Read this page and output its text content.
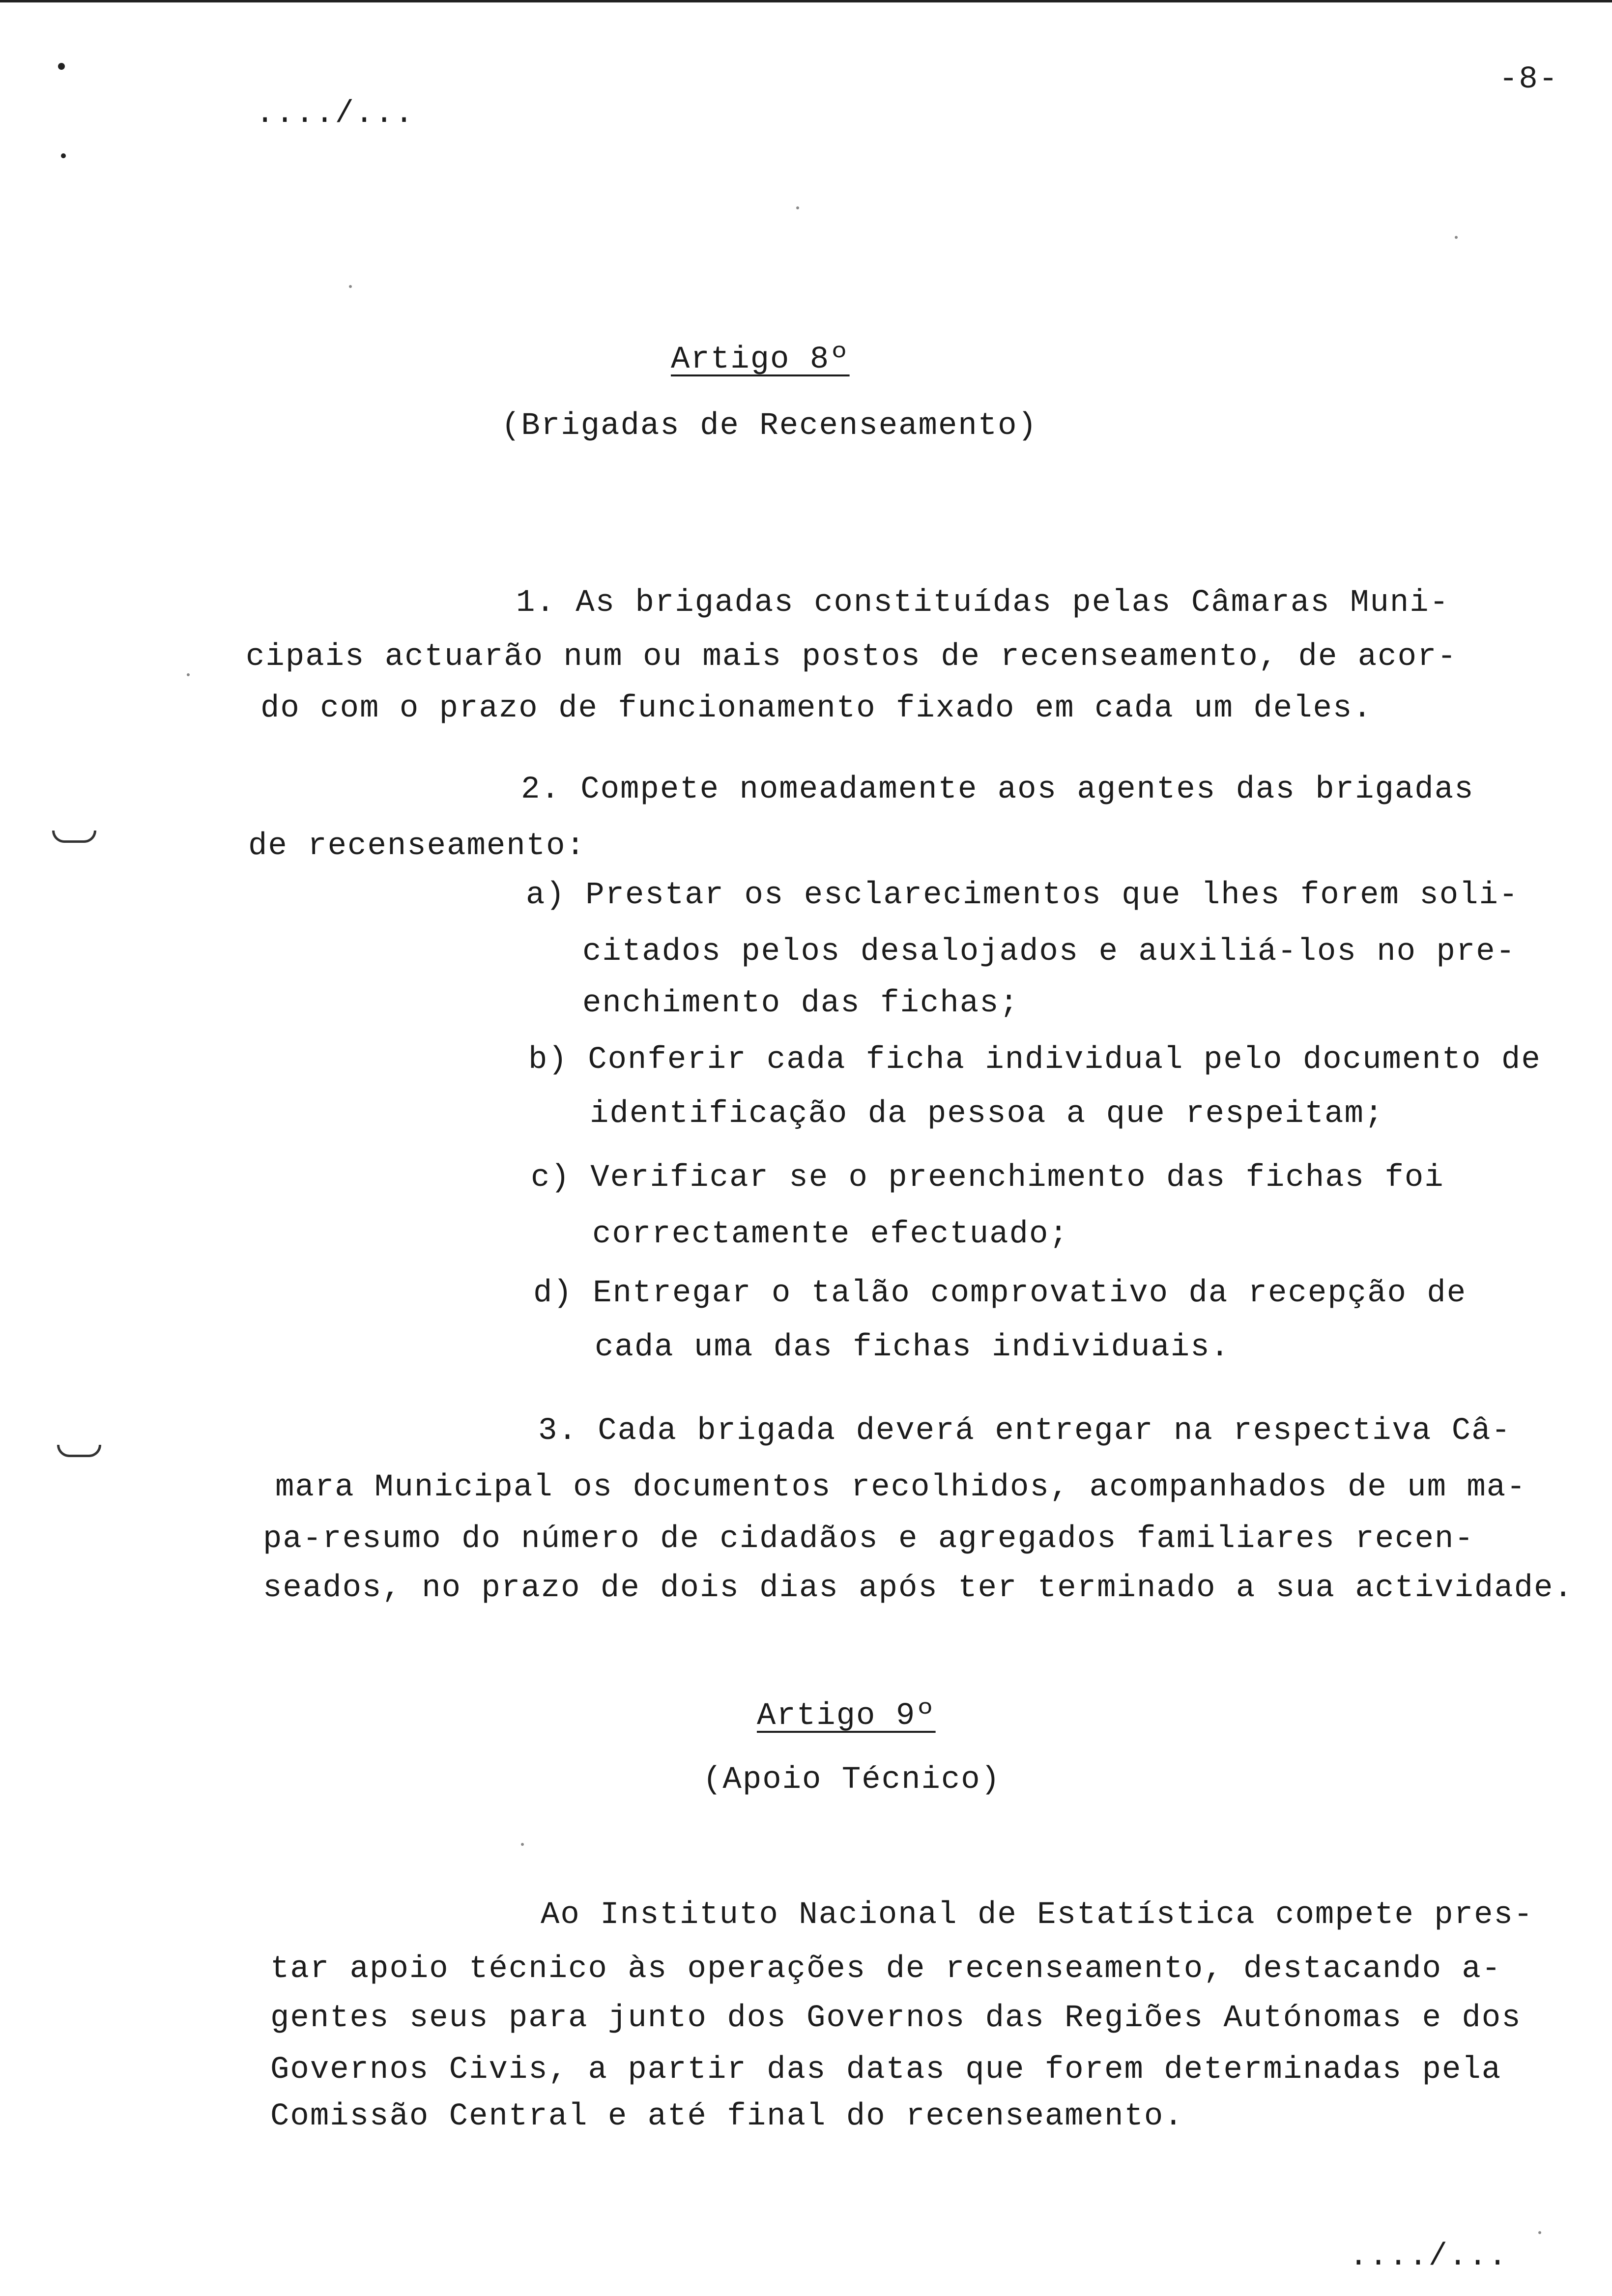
..../...
-8-
Artigo 8º
(Brigadas de Recenseamento)
1. As brigadas constituídas pelas Câmaras Muni-
cipais actuarão num ou mais postos de recenseamento, de acor-
do com o prazo de funcionamento fixado em cada um deles.
2. Compete nomeadamente aos agentes das brigadas
de recenseamento:
a) Prestar os esclarecimentos que lhes forem soli-
citados pelos desalojados e auxiliá-los no pre-
enchimento das fichas;
b) Conferir cada ficha individual pelo documento de
identificação da pessoa a que respeitam;
c) Verificar se o preenchimento das fichas foi
correctamente efectuado;
d) Entregar o talão comprovativo da recepção de
cada uma das fichas individuais.
3. Cada brigada deverá entregar na respectiva Câ-
mara Municipal os documentos recolhidos, acompanhados de um ma-
pa-resumo do número de cidadãos e agregados familiares recen-
seados, no prazo de dois dias após ter terminado a sua actividade.
Artigo 9º
(Apoio Técnico)
Ao Instituto Nacional de Estatística compete pres-
tar apoio técnico às operações de recenseamento, destacando a-
gentes seus para junto dos Governos das Regiões Autónomas e dos
Governos Civis, a partir das datas que forem determinadas pela
Comissão Central e até final do recenseamento.
..../...
